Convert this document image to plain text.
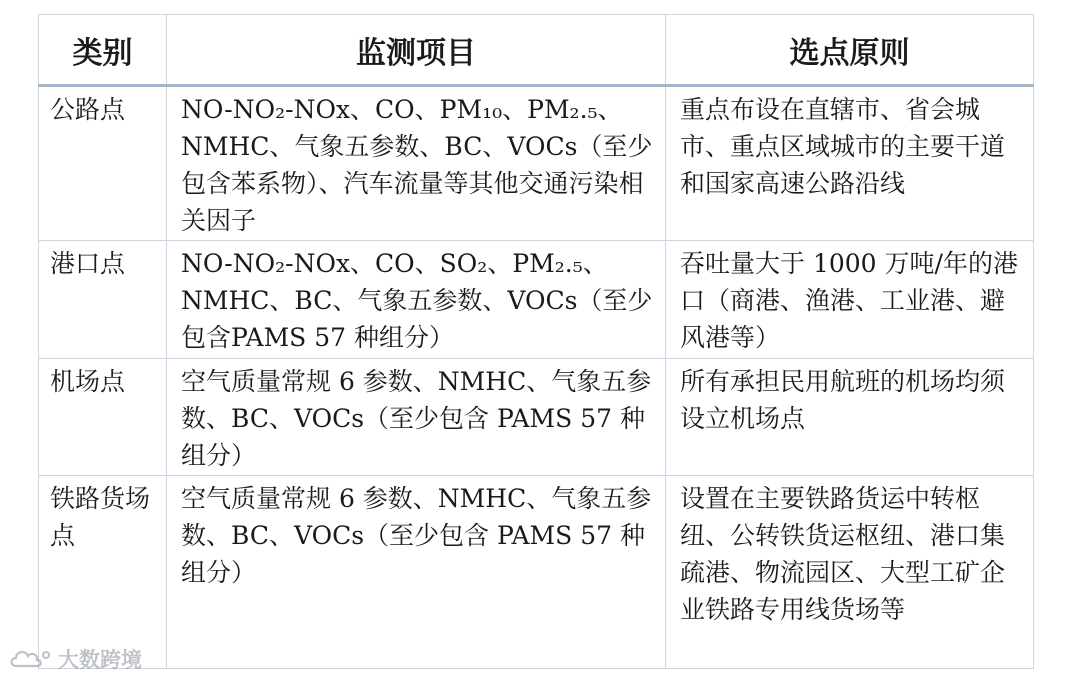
类别	监测项目	选点原则
公路点	NO-NO₂-NOx、CO、PM₁₀、PM₂.₅、NMHC、气象五参数、BC、VOCs（至少包含苯系物）、汽车流量等其他交通污染相关因子	重点布设在直辖市、省会城市、重点区域城市的主要干道和国家高速公路沿线
港口点	NO-NO₂-NOx、CO、SO₂、PM₂.₅、NMHC、BC、气象五参数、VOCs（至少包含PAMS 57 种组分）	吞吐量大于 1000 万吨/年的港口（商港、渔港、工业港、避风港等）
机场点	空气质量常规 6 参数、NMHC、气象五参数、BC、VOCs（至少包含 PAMS 57 种组分）	所有承担民用航班的机场均须设立机场点
铁路货场点	空气质量常规 6 参数、NMHC、气象五参数、BC、VOCs（至少包含 PAMS 57 种组分）	设置在主要铁路货运中转枢纽、公转铁货运枢纽、港口集疏港、物流园区、大型工矿企业铁路专用线货场等
大数跨境
